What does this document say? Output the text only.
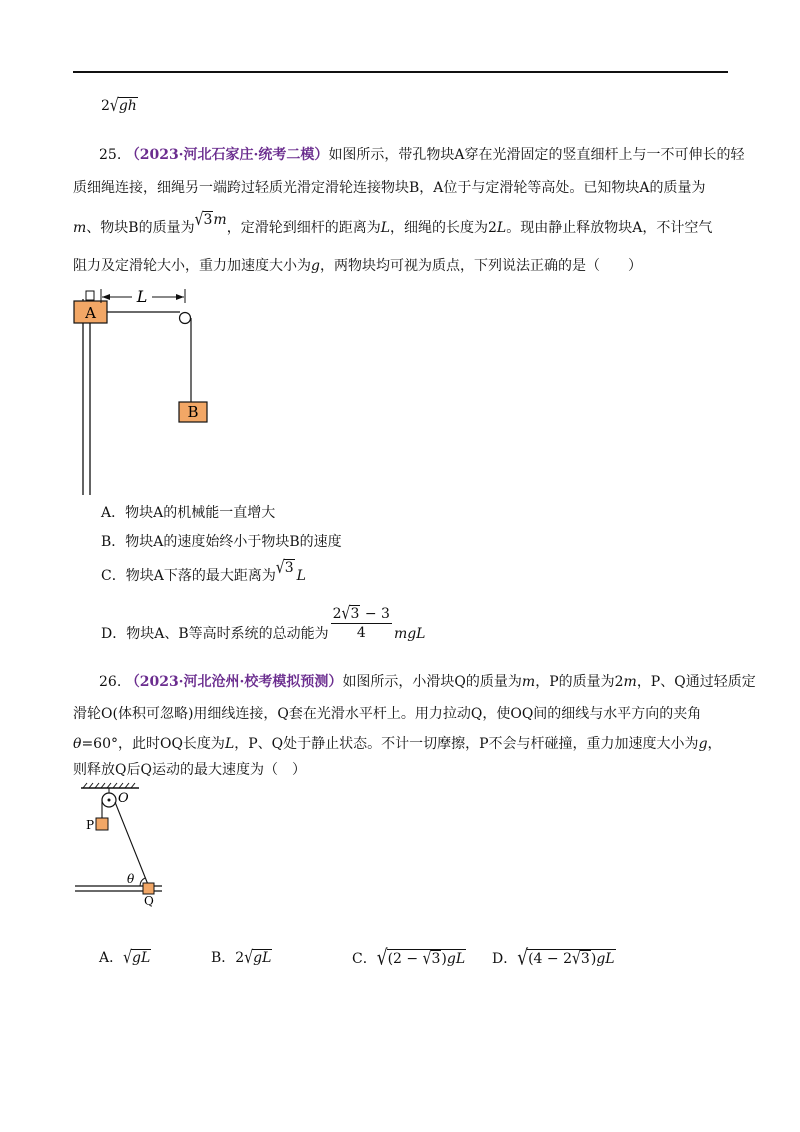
2√gh
25. （2023·河北石家庄·统考二模）如图所示，带孔物块A穿在光滑固定的竖直细杆上与一不可伸长的轻
质细绳连接，细绳另一端跨过轻质光滑定滑轮连接物块B，A位于与定滑轮等高处。已知物块A的质量为
m、物块B的质量为√3m，定滑轮到细杆的距离为L，细绳的长度为2L。现由静止释放物块A，不计空气
阻力及定滑轮大小，重力加速度大小为g，两物块均可视为质点，下列说法正确的是（　　）
A
B
L
A．物块A的机械能一直增大
B．物块A的速度始终小于物块B的速度
C．物块A下落的最大距离为√3 L
D．物块A、B等高时系统的总动能为 $\frac{2√3 - 3}{4}$ mgL
26. （2023·河北沧州·校考模拟预测）如图所示，小滑块Q的质量为m，P的质量为2m，P、Q通过轻质定
滑轮O(体积可忽略)用细线连接，Q套在光滑水平杆上。用力拉动Q，使OQ间的细线与水平方向的夹角
θ=60°，此时OQ长度为L，P、Q处于静止状态。不计一切摩擦，P不会与杆碰撞，重力加速度大小为g，
则释放Q后Q运动的最大速度为（　）
O
P
θ
Q
A．√gL	B．2√gL	C．√(2 − √3)gL D．√(4 − 2√3)gL
